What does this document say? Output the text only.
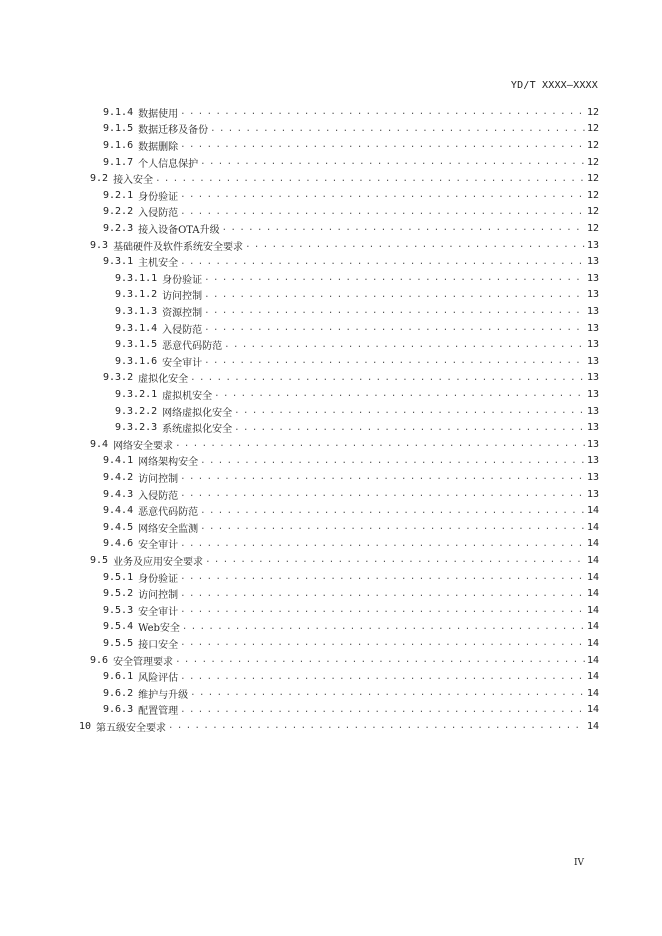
YD/T XXXX—XXXX
9.1.4 数据使用 . . .	12
9.1.5 数据迁移及备份 . . .	12
9.1.6 数据删除 . . .	12
9.1.7 个人信息保护 . . .	12
9.2 接入安全 . . .	12
9.2.1 身份验证 . . .	12
9.2.2 入侵防范 . . .	12
9.2.3 接入设备OTA升级 . . .	12
9.3 基础硬件及软件系统安全要求 . . .	13
9.3.1 主机安全 . . .	13
9.3.1.1 身份验证 . . .	13
9.3.1.2 访问控制 . . .	13
9.3.1.3 资源控制 . . .	13
9.3.1.4 入侵防范 . . .	13
9.3.1.5 恶意代码防范 . . .	13
9.3.1.6 安全审计 . . .	13
9.3.2 虚拟化安全 . . .	13
9.3.2.1 虚拟机安全 . . .	13
9.3.2.2 网络虚拟化安全 . . .	13
9.3.2.3 系统虚拟化安全 . . .	13
9.4 网络安全要求 . . .	13
9.4.1 网络架构安全 . . .	13
9.4.2 访问控制 . . .	13
9.4.3 入侵防范 . . .	13
9.4.4 恶意代码防范 . . .	14
9.4.5 网络安全监测 . . .	14
9.4.6 安全审计 . . .	14
9.5 业务及应用安全要求 . . .	14
9.5.1 身份验证 . . .	14
9.5.2 访问控制 . . .	14
9.5.3 安全审计 . . .	14
9.5.4 Web安全 . . .	14
9.5.5 接口安全 . . .	14
9.6 安全管理要求 . . .	14
9.6.1 风险评估 . . .	14
9.6.2 维护与升级 . . .	14
9.6.3 配置管理 . . .	14
10 第五级安全要求 . . .	14
IV
